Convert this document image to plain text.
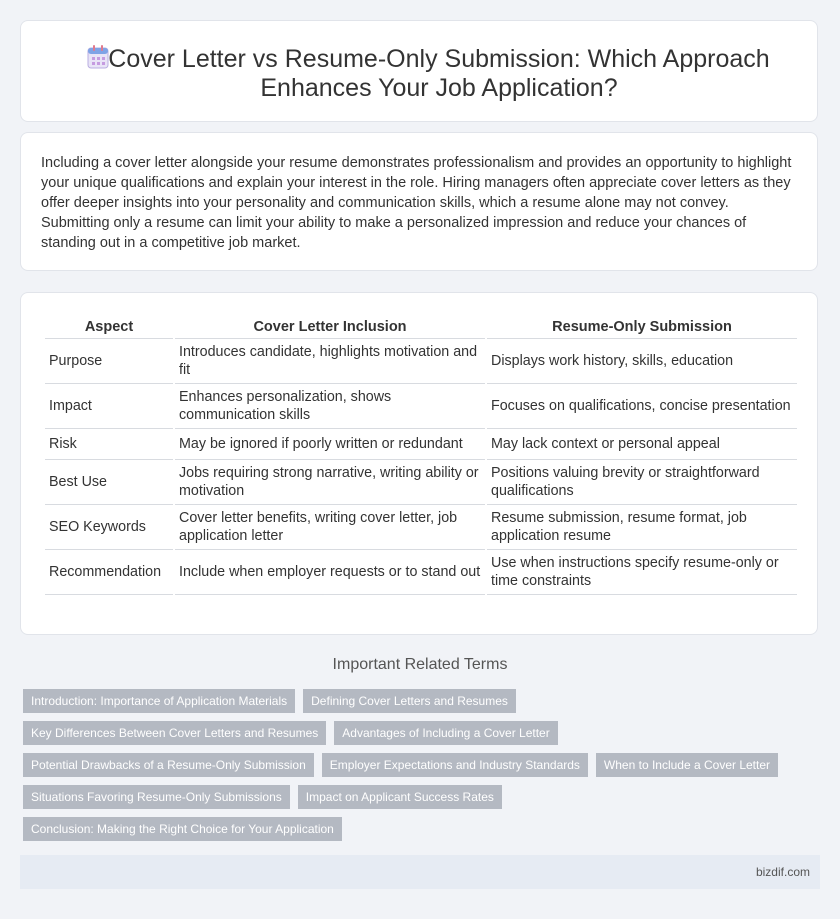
Cover Letter vs Resume-Only Submission: Which Approach Enhances Your Job Application?

Including a cover letter alongside your resume demonstrates professionalism and provides an opportunity to highlight your unique qualifications and explain your interest in the role. Hiring managers often appreciate cover letters as they offer deeper insights into your personality and communication skills, which a resume alone may not convey. Submitting only a resume can limit your ability to make a personalized impression and reduce your chances of standing out in a competitive job market.

Aspect	Cover Letter Inclusion	Resume-Only Submission
Purpose	Introduces candidate, highlights motivation and fit	Displays work history, skills, education
Impact	Enhances personalization, shows communication skills	Focuses on qualifications, concise presentation
Risk	May be ignored if poorly written or redundant	May lack context or personal appeal
Best Use	Jobs requiring strong narrative, writing ability or motivation	Positions valuing brevity or straightforward qualifications
SEO Keywords	Cover letter benefits, writing cover letter, job application letter	Resume submission, resume format, job application resume
Recommendation	Include when employer requests or to stand out	Use when instructions specify resume-only or time constraints
Important Related Terms
Introduction: Importance of Application Materials	Defining Cover Letters and Resumes
Key Differences Between Cover Letters and Resumes	Advantages of Including a Cover Letter
Potential Drawbacks of a Resume-Only Submission	Employer Expectations and Industry Standards	When to Include a Cover Letter
Situations Favoring Resume-Only Submissions	Impact on Applicant Success Rates
Conclusion: Making the Right Choice for Your Application
bizdif.com
